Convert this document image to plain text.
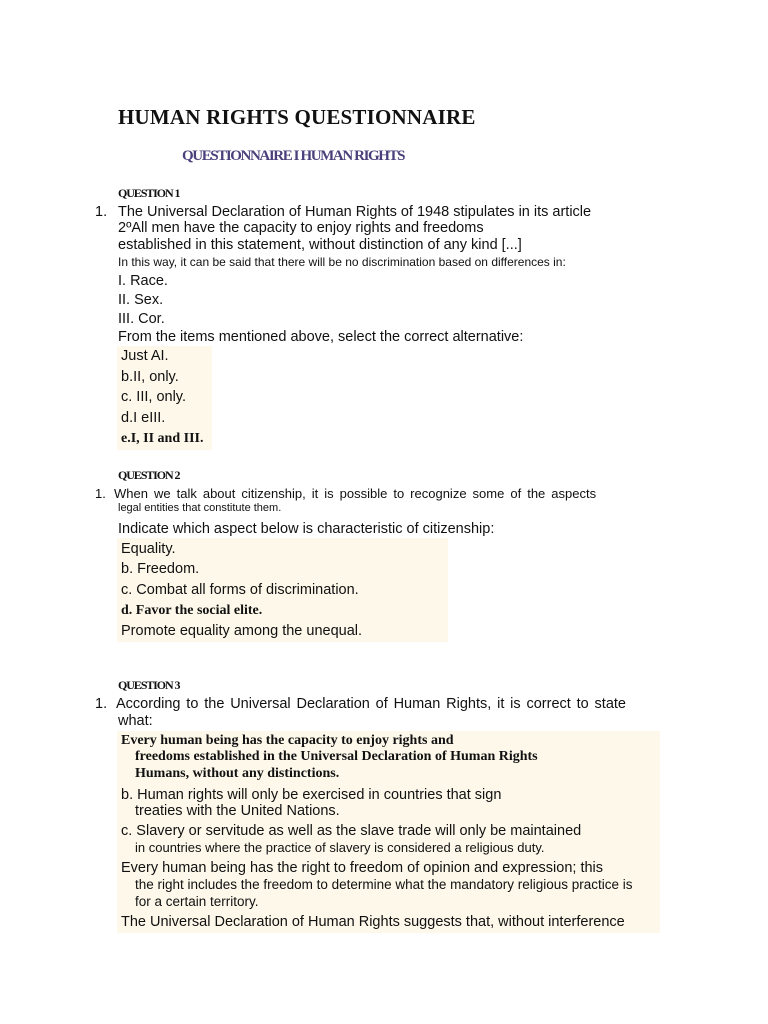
HUMAN RIGHTS QUESTIONNAIRE
QUESTIONNAIRE I HUMAN RIGHTS
QUESTION 1
1. The Universal Declaration of Human Rights of 1948 stipulates in its article
2ºAll men have the capacity to enjoy rights and freedoms
established in this statement, without distinction of any kind [...]
In this way, it can be said that there will be no discrimination based on differences in:
I. Race.
II. Sex.
III. Cor.
From the items mentioned above, select the correct alternative:
Just AI.
b.II, only.
c. III, only.
d.I eIII.
e.I, II and III.
QUESTION 2
1. When we talk about citizenship, it is possible to recognize some of the aspects
legal entities that constitute them.
Indicate which aspect below is characteristic of citizenship:
Equality.
b. Freedom.
c. Combat all forms of discrimination.
d. Favor the social elite.
Promote equality among the unequal.
QUESTION 3
1. According to the Universal Declaration of Human Rights, it is correct to state
what:
Every human being has the capacity to enjoy rights and
freedoms established in the Universal Declaration of Human Rights
Humans, without any distinctions.
b. Human rights will only be exercised in countries that sign
treaties with the United Nations.
c. Slavery or servitude as well as the slave trade will only be maintained
in countries where the practice of slavery is considered a religious duty.
Every human being has the right to freedom of opinion and expression; this
the right includes the freedom to determine what the mandatory religious practice is
for a certain territory.
The Universal Declaration of Human Rights suggests that, without interference
